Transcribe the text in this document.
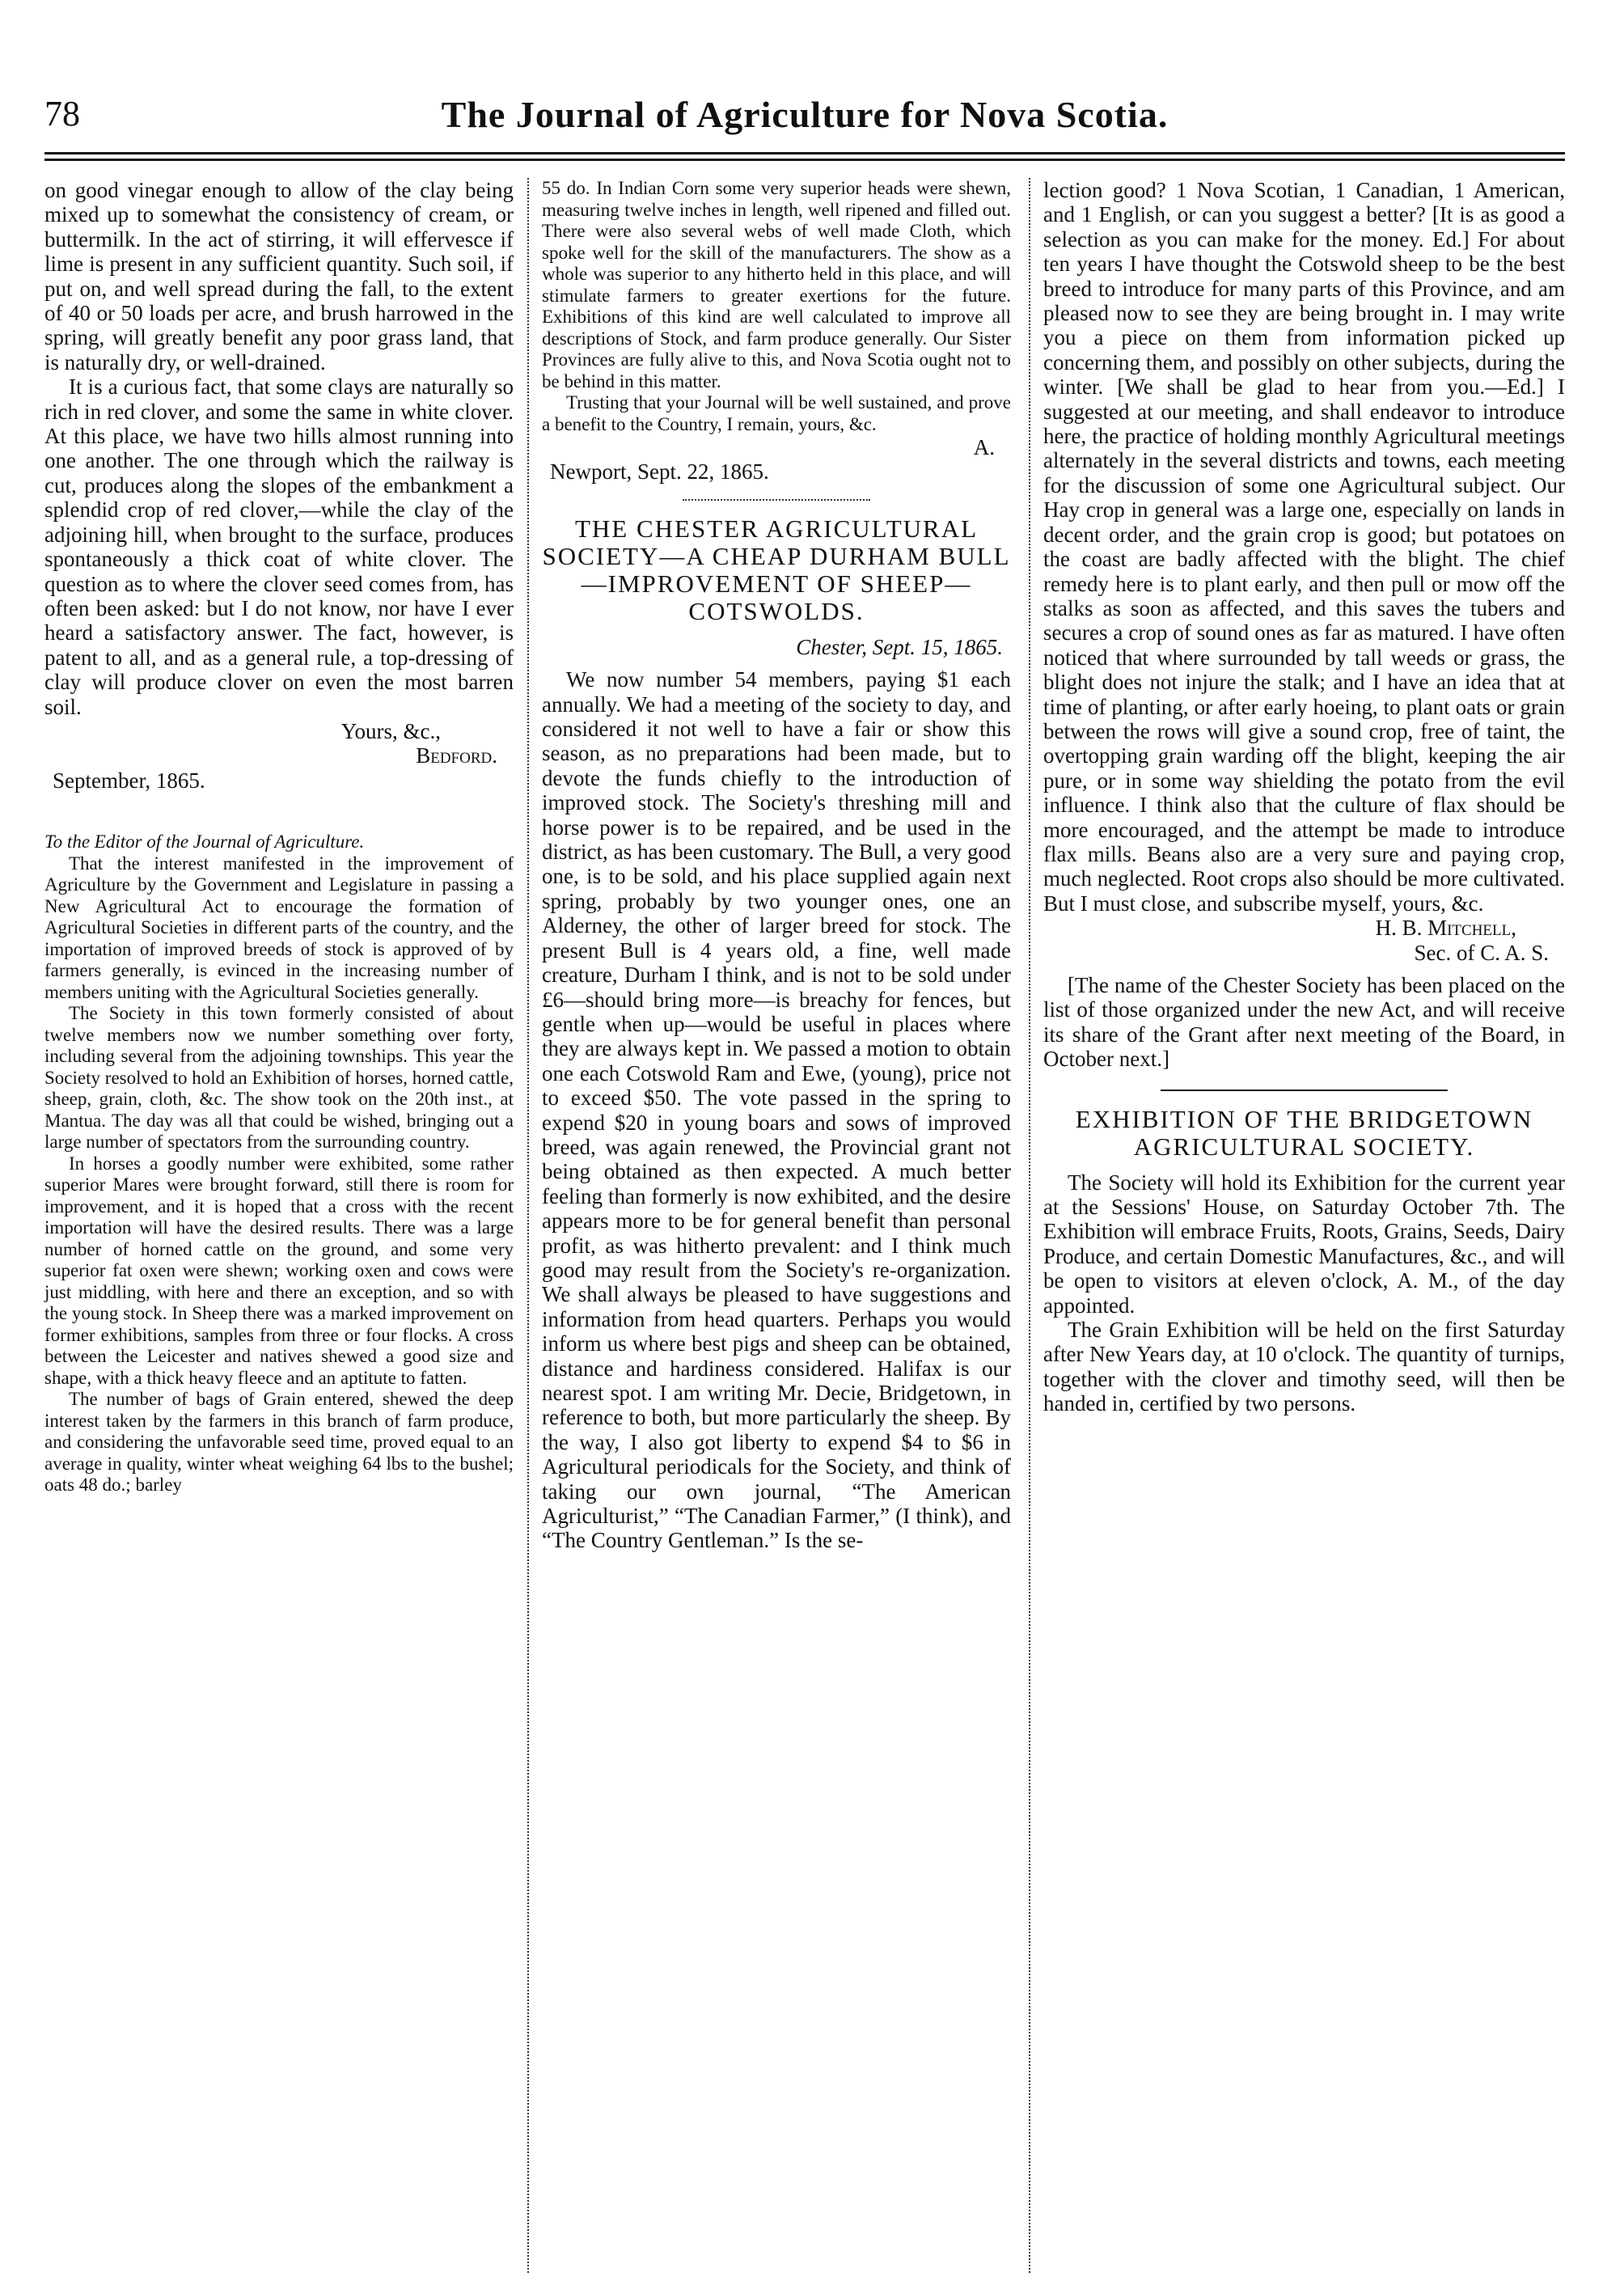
78	The Journal of Agriculture for Nova Scotia.

on good vinegar enough to allow of the clay being mixed up to somewhat the consistency of cream, or buttermilk. In the act of stirring, it will effervesce if lime is present in any sufficient quantity. Such soil, if put on, and well spread during the fall, to the extent of 40 or 50 loads per acre, and brush harrowed in the spring, will greatly benefit any poor grass land, that is naturally dry, or well-drained.

It is a curious fact, that some clays are naturally so rich in red clover, and some the same in white clover. At this place, we have two hills almost running into one another. The one through which the railway is cut, produces along the slopes of the embankment a splendid crop of red clover,—while the clay of the adjoining hill, when brought to the surface, produces spontaneously a thick coat of white clover. The question as to where the clover seed comes from, has often been asked: but I do not know, nor have I ever heard a satisfactory answer. The fact, however, is patent to all, and as a general rule, a top-dressing of clay will produce clover on even the most barren soil.

Yours, &c.,

Bedford.

September, 1865.

To the Editor of the Journal of Agriculture.

That the interest manifested in the improvement of Agriculture by the Government and Legislature in passing a New Agricultural Act to encourage the formation of Agricultural Societies in different parts of the country, and the importation of improved breeds of stock is approved of by farmers generally, is evinced in the increasing number of members uniting with the Agricultural Societies generally.

The Society in this town formerly consisted of about twelve members now we number something over forty, including several from the adjoining townships. This year the Society resolved to hold an Exhibition of horses, horned cattle, sheep, grain, cloth, &c. The show took on the 20th inst., at Mantua. The day was all that could be wished, bringing out a large number of spectators from the surrounding country.

In horses a goodly number were exhibited, some rather superior Mares were brought forward, still there is room for improvement, and it is hoped that a cross with the recent importation will have the desired results. There was a large number of horned cattle on the ground, and some very superior fat oxen were shewn; working oxen and cows were just middling, with here and there an exception, and so with the young stock. In Sheep there was a marked improvement on former exhibitions, samples from three or four flocks. A cross between the Leicester and natives shewed a good size and shape, with a thick heavy fleece and an aptitute to fatten.

The number of bags of Grain entered, shewed the deep interest taken by the farmers in this branch of farm produce, and considering the unfavorable seed time, proved equal to an average in quality, winter wheat weighing 64 lbs to the bushel; oats 48 do.; barley

55 do. In Indian Corn some very superior heads were shewn, measuring twelve inches in length, well ripened and filled out. There were also several webs of well made Cloth, which spoke well for the skill of the manufacturers. The show as a whole was superior to any hitherto held in this place, and will stimulate farmers to greater exertions for the future. Exhibitions of this kind are well calculated to improve all descriptions of Stock, and farm produce generally. Our Sister Provinces are fully alive to this, and Nova Scotia ought not to be behind in this matter.

Trusting that your Journal will be well sustained, and prove a benefit to the Country, I remain, yours, &c.

A.

Newport, Sept. 22, 1865.

THE CHESTER AGRICULTURAL SOCIETY—A CHEAP DURHAM BULL—IMPROVEMENT OF SHEEP—COTSWOLDS.

Chester, Sept. 15, 1865.

We now number 54 members, paying $1 each annually. We had a meeting of the society to day, and considered it not well to have a fair or show this season, as no preparations had been made, but to devote the funds chiefly to the introduction of improved stock. The Society's threshing mill and horse power is to be repaired, and be used in the district, as has been customary. The Bull, a very good one, is to be sold, and his place supplied again next spring, probably by two younger ones, one an Alderney, the other of larger breed for stock. The present Bull is 4 years old, a fine, well made creature, Durham I think, and is not to be sold under £6—should bring more—is breachy for fences, but gentle when up—would be useful in places where they are always kept in. We passed a motion to obtain one each Cotswold Ram and Ewe, (young), price not to exceed $50. The vote passed in the spring to expend $20 in young boars and sows of improved breed, was again renewed, the Provincial grant not being obtained as then expected. A much better feeling than formerly is now exhibited, and the desire appears more to be for general benefit than personal profit, as was hitherto prevalent: and I think much good may result from the Society's re-organization. We shall always be pleased to have suggestions and information from head quarters. Perhaps you would inform us where best pigs and sheep can be obtained, distance and hardiness considered. Halifax is our nearest spot. I am writing Mr. Decie, Bridgetown, in reference to both, but more particularly the sheep. By the way, I also got liberty to expend $4 to $6 in Agricultural periodicals for the Society, and think of taking our own journal, “The American Agriculturist,” “The Canadian Farmer,” (I think), and “The Country Gentleman.” Is the se-

lection good? 1 Nova Scotian, 1 Canadian, 1 American, and 1 English, or can you suggest a better? [It is as good a selection as you can make for the money. Ed.] For about ten years I have thought the Cotswold sheep to be the best breed to introduce for many parts of this Province, and am pleased now to see they are being brought in. I may write you a piece on them from information picked up concerning them, and possibly on other subjects, during the winter. [We shall be glad to hear from you.—Ed.] I suggested at our meeting, and shall endeavor to introduce here, the practice of holding monthly Agricultural meetings alternately in the several districts and towns, each meeting for the discussion of some one Agricultural subject. Our Hay crop in general was a large one, especially on lands in decent order, and the grain crop is good; but potatoes on the coast are badly affected with the blight. The chief remedy here is to plant early, and then pull or mow off the stalks as soon as affected, and this saves the tubers and secures a crop of sound ones as far as matured. I have often noticed that where surrounded by tall weeds or grass, the blight does not injure the stalk; and I have an idea that at time of planting, or after early hoeing, to plant oats or grain between the rows will give a sound crop, free of taint, the overtopping grain warding off the blight, keeping the air pure, or in some way shielding the potato from the evil influence. I think also that the culture of flax should be more encouraged, and the attempt be made to introduce flax mills. Beans also are a very sure and paying crop, much neglected. Root crops also should be more cultivated. But I must close, and subscribe myself, yours, &c.

H. B. Mitchell,

Sec. of C. A. S.

[The name of the Chester Society has been placed on the list of those organized under the new Act, and will receive its share of the Grant after next meeting of the Board, in October next.]

EXHIBITION OF THE BRIDGETOWN AGRICULTURAL SOCIETY.

The Society will hold its Exhibition for the current year at the Sessions' House, on Saturday October 7th. The Exhibition will embrace Fruits, Roots, Grains, Seeds, Dairy Produce, and certain Domestic Manufactures, &c., and will be open to visitors at eleven o'clock, A. M., of the day appointed.

The Grain Exhibition will be held on the first Saturday after New Years day, at 10 o'clock. The quantity of turnips, together with the clover and timothy seed, will then be handed in, certified by two persons.
